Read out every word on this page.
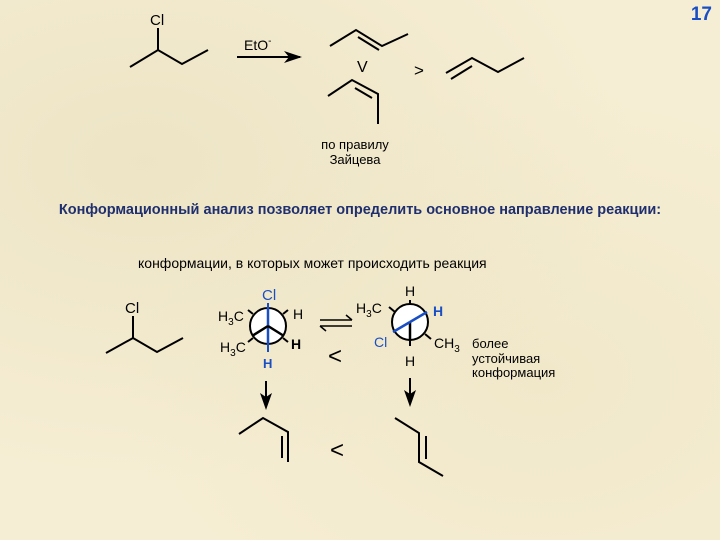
17
Cl
EtO-
V	>
Cl
Cl
H
$H_3C$	H
$H_3C$	H <
H
H
Cl
H
$H_3C$
$CH_3$
<
по правилу
Зайцева
Конформационный анализ позволяет определить основное направление реакции:
конформации, в которых может происходить реакция
более
устойчивая
конформация
